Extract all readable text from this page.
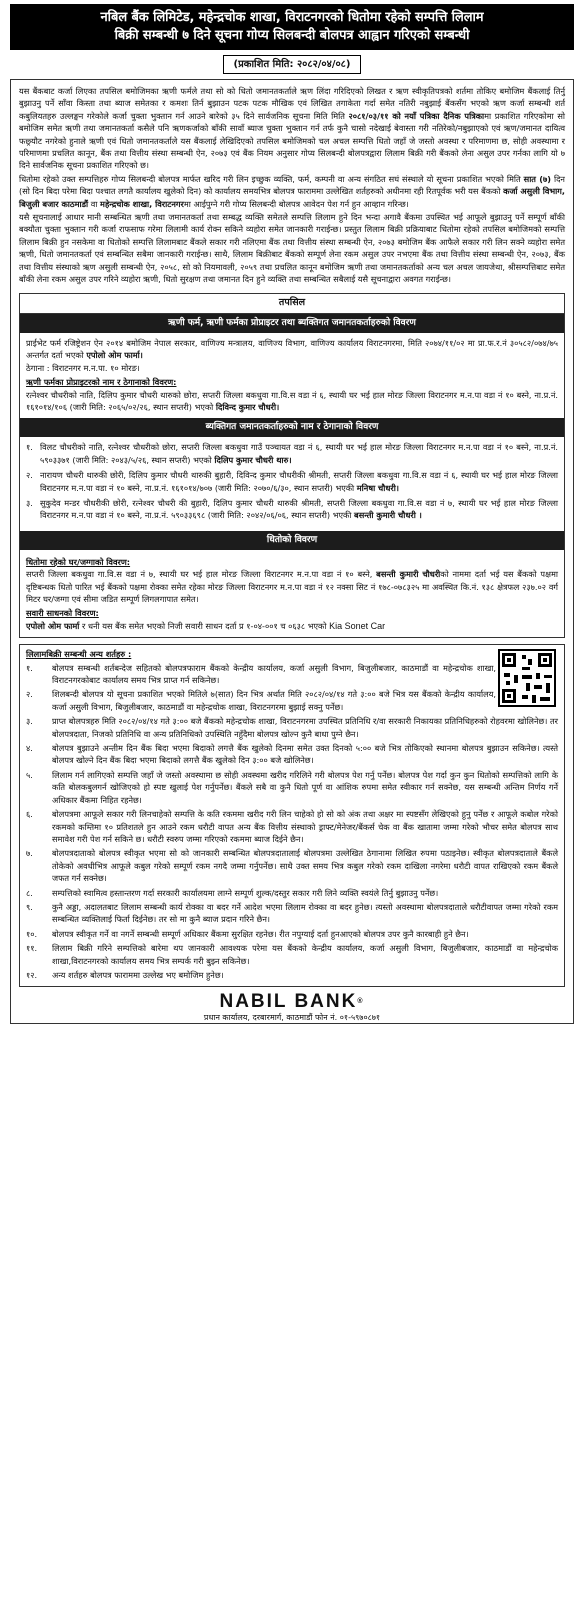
नबिल बैंक लिमिटेड, महेन्द्रचोक शाखा, विराटनगरको धितोमा रहेको सम्पत्ति लिलाम
बिक्री सम्बन्धी ७ दिने सूचना गोप्य सिलबन्दी बोलपत्र आह्वान गरिएको सम्बन्धी
(प्रकाशित मिति: २०८२/०४/०८)

यस बैंकबाट कर्जा लिएका तपसिल बमोजिमका ऋणी फर्मले तथा सो को धितो जमानतकर्ताले ऋण लिंदा गरिदिएको लिखत र ऋण स्वीकृतिपत्रको शर्तमा तोकिए बमोजिम बैंकलाई तिर्नु बुझाउनु पर्ने साँवा किस्ता तथा ब्याज समेतका र कमशः तिर्न बुझाउन पटक पटक मौखिक एवं लिखित तगाकेता गर्दा समेत नतिरी नबुझाई बैंकसँग भएको ऋण कर्जा सम्बन्धी शर्त कबुलियतहरु उल्लङ्घन गरेकोले कर्जा चुक्ता भुक्तान गर्न आउने बारेको ३५ दिने सार्वजनिक सूचना मिति मिति २०८१/०३/११ को नयाँ पत्रिका दैनिक पत्रिकामा प्रकाशित गरिएकोमा सो बमोजिम समेत ऋणी तथा जमानतकर्ता कसैले पनि ऋणकर्जाको बाँकी सावाँ ब्याज चुक्ता भुक्तान गर्न तर्फ कुनै चासो नदेखाई बेवास्ता गरी नतिरेको/नबुझाएको एवं ऋण/जमानत दायित्व फछ्र्यौट नगरेको हुनाले ऋणी एवं धितो जमानतकर्ताले यस बैंकलाई लेखिदिएको तपसिल बमोजिमको चल अचल सम्पत्ति धितो जहाँ जे जस्तो अवस्था र परिमाणमा छ, सोही अवस्थामा र परिमाणमा प्रचलित कानून, बैंक तथा वित्तीय संस्था सम्बन्धी ऐन, २०७३ एवं बैंक नियम अनुसार गोप्य सिलबन्दी बोलपत्रद्वारा लिलाम बिक्री गरी बैंकको लेना असुल उपर गर्नका लागि यो ७ दिने सार्वजनिक सूचना प्रकाशित गरिएको छ।

धितोमा रहेको उक्त सम्पत्तिहरु गोप्य सिलबन्दी बोलपत्र मार्फत खरिद गरी लिन इच्छुक व्यक्ति, फर्म, कम्पनी वा अन्य संगठित सघं संस्थाले यो सूचना प्रकाशित भएको मिति सात (७) दिन (सो दिन बिदा परेमा बिदा पश्चात लगतै कार्यालय खुलेको दिन) को कार्यालय समयभित्र बोलपत्र फाराममा उल्लेखित शर्तहरुको अधीनमा रही रितपूर्वक भरी यस बैंकको कर्जा असुली विभाग, बिजुली बजार काठमाडौं वा महेन्द्रचोक शाखा, विराटनगरमा आईपुग्ने गरी गोप्य सिलबन्दी बोलपत्र आवेदन पेश गर्न हुन आव्हान गरिन्छ।

यसै सूचनालाई आधार मानी सम्बन्धित ऋणी तथा जमानतकर्ता तथा सम्बद्ध व्यक्ति समेतले सम्पत्ति लिलाम हुने दिन भन्दा अगावै बैंकमा उपस्थित भई आफूले बुझाउनु पर्ने सम्पूर्ण बाँकी बक्यौता चुक्ता भुक्तान गरी कर्जा राफसाफ गरेमा लिलामी कार्य रोक्न सकिने व्यहोरा समेत जानकारी गराईन्छ। प्रस्तुत लिलाम बिक्री प्रक्रियाबाट धितोमा रहेको तपसिल बमोजिमको सम्पत्ति लिलाम बिक्री हुन नसकेमा वा धितोको सम्पत्ति लिलामबाट बैंकले सकार गरी नलिएमा बैंक तथा वित्तीय संस्था सम्बन्धी ऐन, २०७३ बमोजिम बैंक आफैले सकार गरी लिन सक्ने व्यहोरा समेत ऋणी, धितो जमानतकर्ता एवं सम्बन्धित सबैमा जानकारी गराईन्छ। साथै, लिलाम बिक्रीबाट बैंकको सम्पूर्ण लेना रकम असुल उपर नभएमा बैंक तथा वित्तीय संस्था सम्बन्धी ऐन, २०७३, बैंक तथा वित्तीय संस्थाको ऋण असुली सम्बन्धी ऐन, २०५८, सो को नियमावली, २०५९ तथा प्रचलित कानून बमोजिम ऋणी तथा जमानतकर्ताको अन्य चल अचल जायजेथा, श्रीसम्पत्तिबाट समेत बाँकी लेना रकम असुल उपर गरिने व्यहोरा ऋणी, धितो सुरक्षण तथा जमानत दिन हुने व्यक्ति तथा सम्बन्धित सबैलाई यसै सूचनाद्वारा अवगत गराईन्छ।

तपसिल
ऋणी फर्म, ऋणी फर्मका प्रोप्राइटर तथा ब्यक्तिगत जमानतकर्ताहरुको विवरण
प्राईभेट फर्म रजिष्ट्रेशन ऐन २०१४ बमोजिम नेपाल सरकार, वाणिज्य मन्त्रालय, वाणिज्य विभाग, वाणिज्य कार्यालय विराटनगरमा, मिति २०७४/११/०२ मा प्रा.फ.र.नं ३०५८२/०७४/७५ अन्तर्गत दर्ता भएको एपोलो ओम फार्मा।
ठेगाना : विराटनगर म.न.पा. १० मोरङ।
ऋणी फर्मका प्रोप्राइटरको नाम र ठेगानाको विवरण:
रत्नेश्वर चौधरीको नाति, दिलिप कुमार चौधरी थारुको छोरा, सप्तरी जिल्ला बकधुवा गा.वि.स वडा नं ६, स्थायी घर भई हाल मोरङ जिल्ला विराटनगर म.न.पा वडा नं १० बस्ने, ना.प्र.नं. १६१०१४/१०६ (जारी मिति: २०६५/०२/२६, स्थान सप्तरी) भएको दिविन्द कुमार चौधरी।
ब्यक्तिगत जमानतकर्ताहरुको नाम र ठेगानाको विवरण
१. विलट चौधरीको नाति, रत्नेश्वर चौधरीको छोरा, सप्तरी जिल्ला बकधुवा गाउँ पञ्चायत वडा नं ६, स्थायी घर भई हाल मोरङ जिल्ला विराटनगर म.न.पा वडा नं १० बस्ने, ना.प्र.नं. ५९०३३७१ (जारी मिति: २०४३/५/२६, स्थान सप्तरी) भएको दिलिप कुमार चौधरी थारु।
२. नारायण चौधरी थारुकी छोरी, दिलिप कुमार चौधरी थारुकी बुहारी, दिविन्द कुमार चौधरीकी श्रीमती, सप्तरी जिल्ला बकधुवा गा.वि.स वडा नं ६, स्थायी घर भई हाल मोरङ जिल्ला विराटनगर म.न.पा वडा नं १० बस्ने, ना.प्र.नं. १६१०१४/७०७ (जारी मिति: २०७०/६/३०, स्थान सप्तरी) भएकी मनिषा चौधरी।
३. सुकुदेव मन्डर चौधरीकी छोरी, रत्नेश्वर चौधरी की बुहारी, दिलिप कुमार चौधरी थारुकी श्रीमती, सप्तरी जिल्ला बकधुवा गा.वि.स वडा नं ७, स्थायी घर भई हाल मोरङ जिल्ला विराटनगर म.न.पा वडा नं १० बस्ने, ना.प्र.नं. ५९०३३६९८ (जारी मिति: २०४२/०६/०६, स्थान सप्तरी) भएकी बसन्ती कुमारी चौधरी ।
धितोको विवरण
धितोमा रहेको घर/जग्गाको विवरण:
सप्तरी जिल्ला बकधुवा गा.वि.स वडा नं ७, स्थायी घर भई हाल मोरङ जिल्ला विराटनगर म.न.पा वडा नं १० बस्ने, बसन्ती कुमारी चौधरीको नाममा दर्ता भई यस बैंकको पक्षमा दृष्टिबन्धक धितो पारित भई बैंकको पक्षमा रोक्का समेत रहेका मोरङ जिल्ला विराटनगर म.न.पा वडा नं १२ नक्सा सिट नं १७८-०७८३२५ मा अवस्थित कि.नं. १३८ क्षेत्रफल २३७.०२ वर्ग मिटर घर/जग्गा एवं सीमा जडित सम्पूर्ण लिगलगापात समेत।
सवारी साधनको विवरण:
एपोलो ओम फार्मा र धनी यस बैंक समेत भएको निजी सवारी साधन दर्ता प्र १-०४-००१ च ०६३८ भएको Kia Sonet Car
लिलामबिक्री सम्बन्धी अन्य शर्तहरु :
१.	बोलपत्र सम्बन्धी शर्तबन्देज सहितको बोलपत्रफाराम बैंकको केन्द्रीय कार्यालय, कर्जा असुली विभाग, बिजुलीबजार, काठमाडौं वा महेन्द्रचोक शाखा, विराटनगरकोबाट कार्यालय समय भित्र प्राप्त गर्न सकिनेछ।
२.	शिलबन्दी बोलपत्र यो सूचना प्रकाशित भएको मितिले ७(सात) दिन भित्र अर्थात मिति २०८२/०४/१४ गते ३:०० बजे भित्र यस बैंकको केन्द्रीय कार्यालय, कर्जा असुली विभाग, बिजुलीबजार, काठमाडौं वा महेन्द्रचोक शाखा, विराटनगरमा बुझाई सक्नु पर्नेछ।
३.	प्राप्त बोलपत्रहरु मिति २०८२/०४/१४ गते ३:०० बजे बैंकको महेन्द्रचोक शाखा, विराटनगरमा उपस्थित प्रतिनिधि र/वा सरकारी निकायका प्रतिनिधिहरुको रोहवरमा खोलिनेछ। तर बोलपत्रदाता, निजको प्रतिनिधि वा अन्य प्रतिनिधिको उपस्थिति नहुँदैमा बोलपत्र खोल्न कुनै बाधा पुग्ने छैन।
४.	बोलपत्र बुझाउने अन्तीम दिन बैंक बिदा भएमा बिदाको लगत्तै बैंक खुलेको दिनमा समेत उक्त दिनको ५:०० बजे भित्र तोकिएको स्थानमा बोलपत्र बुझाउन सकिनेछ। त्यस्ते बोलपत्र खोल्ने दिन बैंक बिदा भएमा बिदाको लगत्तै बैंक खुलेको दिन ३:०० बजे खोलिनेछ।
५.	लिलाम गर्न लागिएको सम्पत्ति जहाँ जे जस्तो अवस्थामा छ सोही अवस्थमा खरीद गरिलिने गरी बोलपत्र पेश गर्नु पर्नेछ। बोलपत्र पेश गर्दा कुन कुन धितोको सम्पत्तिको लागि के कति बोलकबुलगर्न खोजिएको हो स्पष्ट खुलाई पेश गर्नुपर्नेछ। बैंकले सबै वा कुनै धितो पूर्ण वा आंशिक रुपमा समेत स्वीकार गर्न सक्नेछ, यस सम्बन्धी अन्तिम निर्णय गर्ने अधिकार बैंकमा निहित रहनेछ।
६.	बोलपत्रमा आफूले सकार गरी लिनचाहेको सम्पत्ति के कति रकममा खरीद गरी लिन चाहेको हो सो को अंक तथा अक्षर मा स्पष्टसँग लेखिएको हुनु पर्नेछ र आफूले कबोल गरेको रकमको कम्तिमा १० प्रतिशतले हुन आउने रकम धरौटी वापत अन्य बैंक वित्तीय संस्थाको ड्राफ्ट/मेनेजर/बैंकर्स चेक वा बैंक खातामा जम्मा गरेको भौचर समेत बोलपत्र साथ समावेश गरी पेश गर्न सकिने छ। धरौटी स्वरुप जम्मा गरिएको रकममा ब्याज दिईने छैन।
७.	बोलपत्रदाताको बोलपत्र स्वीकृत भएमा सो को जानकारी सम्बन्धित बोलपत्रदातालाई बोलपत्रमा उल्लेखित ठेगानामा लिखित रुपमा पठाइनेछ। स्वीकृत बोलपत्रदाताले बैंकले तोकेको अवधीभित्र आफूले कबुल गरेको सम्पूर्ण रकम नगदै जम्मा गर्नुपर्नेछ। साथै उक्त समय भित्र कबुल गरेको रकम दाखिला नगरेमा धरौटी वापत राखिएको रकम बैंकले जफत गर्न सक्नेछ।
८.	सम्पत्तिको स्वामित्व हस्तान्तरण गर्दा सरकारी कार्यालयमा लाग्ने सम्पूर्ण शुल्क/दस्तुर सकार गरी लिने व्यक्ति स्वयंले तिर्नु बुझाउनु पर्नेछ।
९.	कुनै अड्डा, अदालतबाट लिलाम सम्बन्धी कार्य रोक्का वा बदर गर्ने आदेश भएमा लिलाम रोक्का वा बदर हुनेछ। त्यस्तो अवस्थामा बोलपत्रदाताले धरौटीवापत जम्मा गरेको रकम सम्बन्धित व्यक्तिलाई फिर्ता दिईनेछ। तर सो मा कुनै ब्याज प्रदान गरिने छैन।
१०.	बोलपत्र स्वीकृत गर्ने वा नगर्ने सम्बन्धी सम्पूर्ण अधिकार बैंकमा सुरक्षित रहनेछ। रीत नपुग्याई दर्ता हुनआएको बोलपत्र उपर कुनै कारबाही हुने छैन।
११.	लिलाम बिक्री गरिने सम्पत्तिको बारेमा थप जानकारी आवश्यक परेमा यस बैंकको केन्द्रीय कार्यालय, कर्जा असुली विभाग, बिजुलीबजार, काठमाडौं वा महेन्द्रचोक शाखा,विराटनगरको कार्यालय समय भित्र सम्पर्क गरी बुझ्न सकिनेछ।
१२.	अन्य शर्तहरु बोलपत्र फाराममा उल्लेख भए बमोजिम हुनेछ।
NABIL BANK®
प्रधान कार्यालय, दरबारमार्ग, काठमाडौं फोन नं. ०१-५९७०८७१
